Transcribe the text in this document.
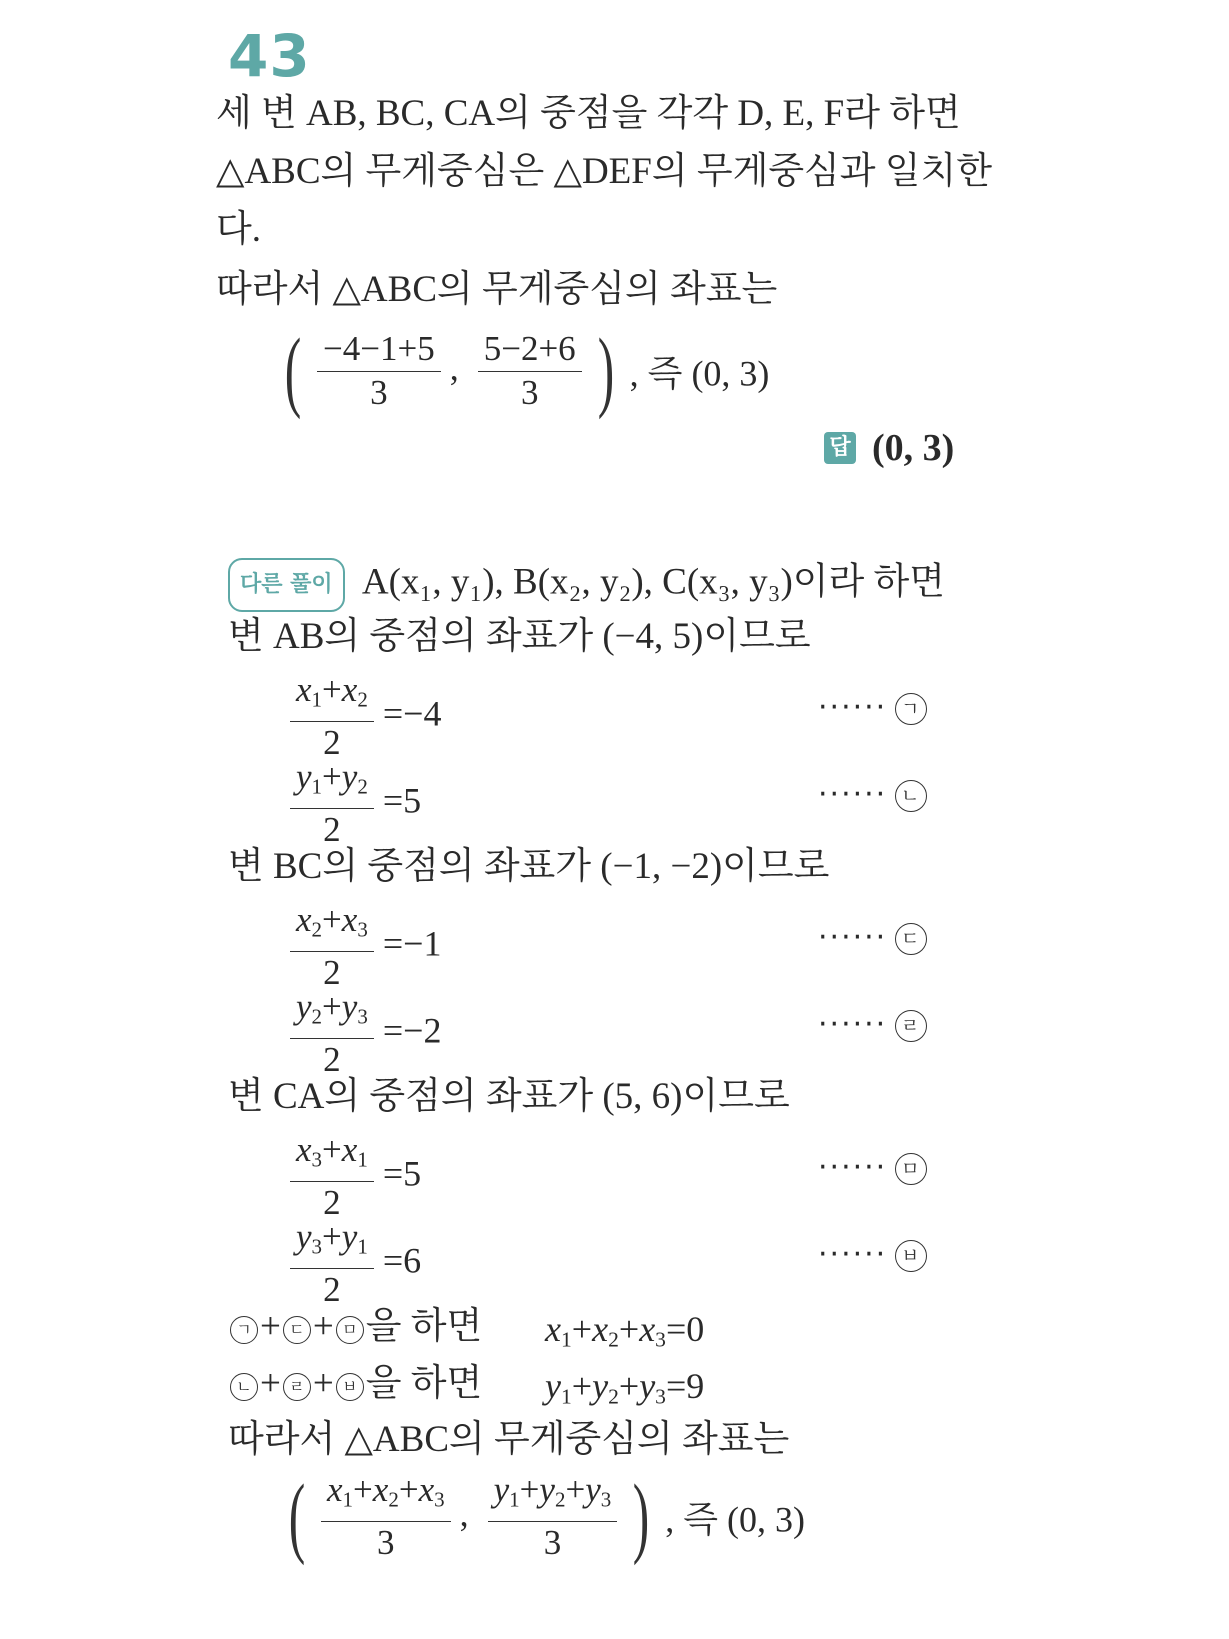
43
세 변 AB, BC, CA의 중점을 각각 D, E, F라 하면
△ABC의 무게중심은 △DEF의 무게중심과 일치한
다.
따라서 △ABC의 무게중심의 좌표는
( $\frac{-4-1+5}{3}$ , $\frac{5-2+6}{3}$ ) , 즉 (0, 3)
답 (0, 3)
다른 풀이 A(x₁, y₁), B(x₂, y₂), C(x₃, y₃)이라 하면
변 AB의 중점의 좌표가 (−4, 5)이므로
$\frac{x_1+x_2}{2} =-4$	······ ㄱ
$\frac{y_1+y_2}{2} =5$	······ ㄴ
변 BC의 중점의 좌표가 (−1, −2)이므로
$\frac{x_2+x_3}{2} =-1$	······ ㄷ
$\frac{y_2+y_3}{2} =-2$	······ ㄹ
변 CA의 중점의 좌표가 (5, 6)이므로
$\frac{x_3+x_1}{2} =5$	······ ㅁ
$\frac{y_3+y_1}{2} =6$	······ ㅂ
ㄱ + ㄷ + ㅁ 을 하면 $x_1+x_2+x_3=0$
ㄴ + ㄹ + ㅂ 을 하면 $y_1+y_2+y_3=9$
따라서 △ABC의 무게중심의 좌표는
( $\frac{x_1+x_2+x_3}{3}$ , $\frac{y_1+y_2+y_3}{3}$ ) , 즉 (0, 3)
